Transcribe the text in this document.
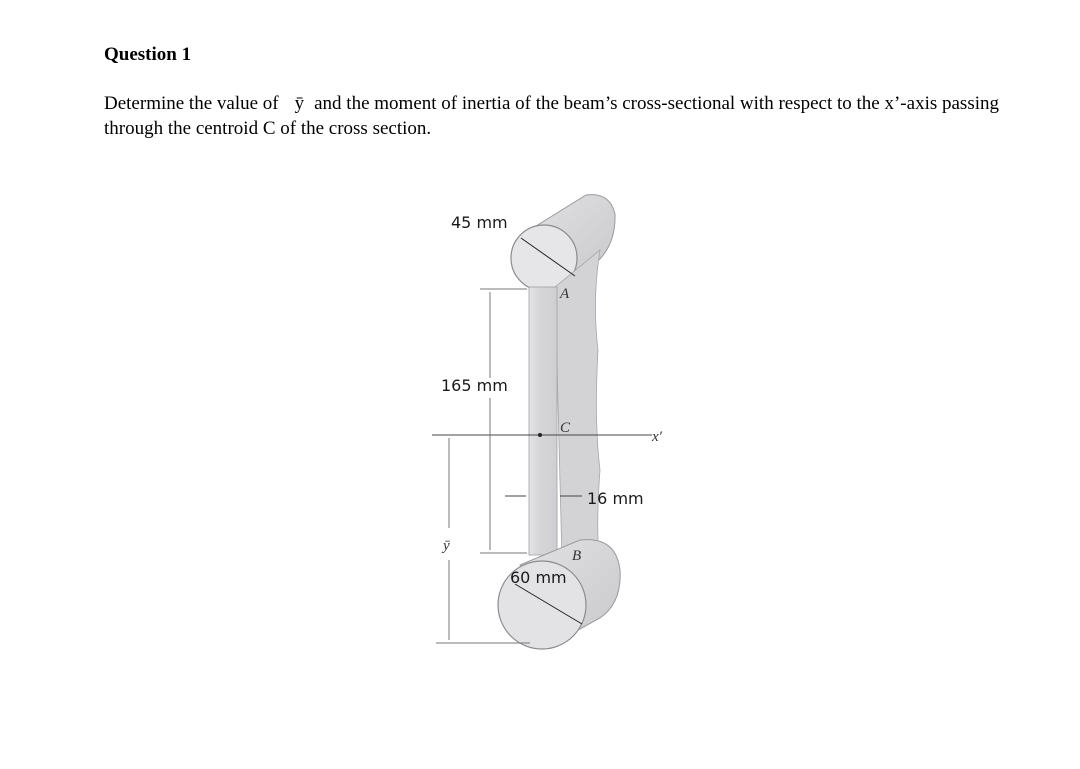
Question 1
Determine the value of ȳ and the moment of inertia of the beam’s cross-sectional with respect to the x’-axis passing through the centroid C of the cross section.
45 mm
165 mm
16 mm
60 mm
A
C
B
x′
ȳ
